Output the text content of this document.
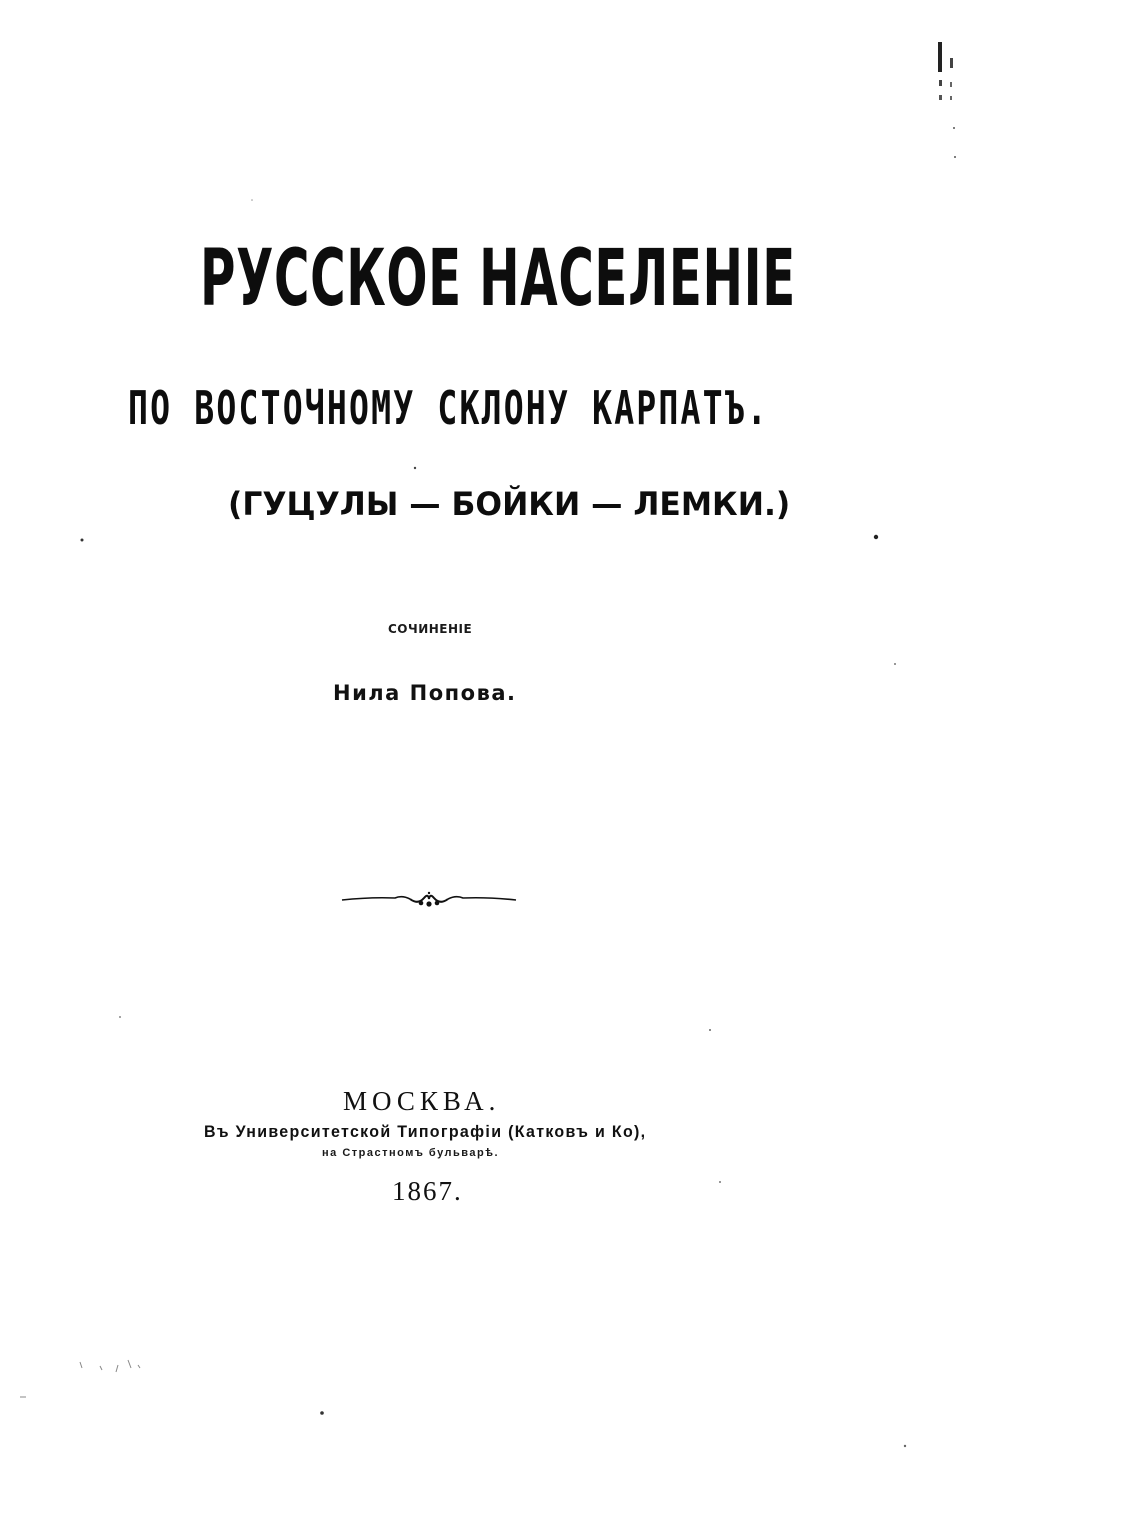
РУССКОЕ НАСЕЛЕНІЕ
ПО ВОСТОЧНОМУ СКЛОНУ КАРПАТЪ.
(ГУЦУЛЫ — БОЙКИ — ЛЕМКИ.)
СОЧИНЕНІЕ
Нила Попова.
МОСКВА.
Въ Университетской Типографіи (Катковъ и Ко),
на Страстномъ бульварѣ.
1867.
